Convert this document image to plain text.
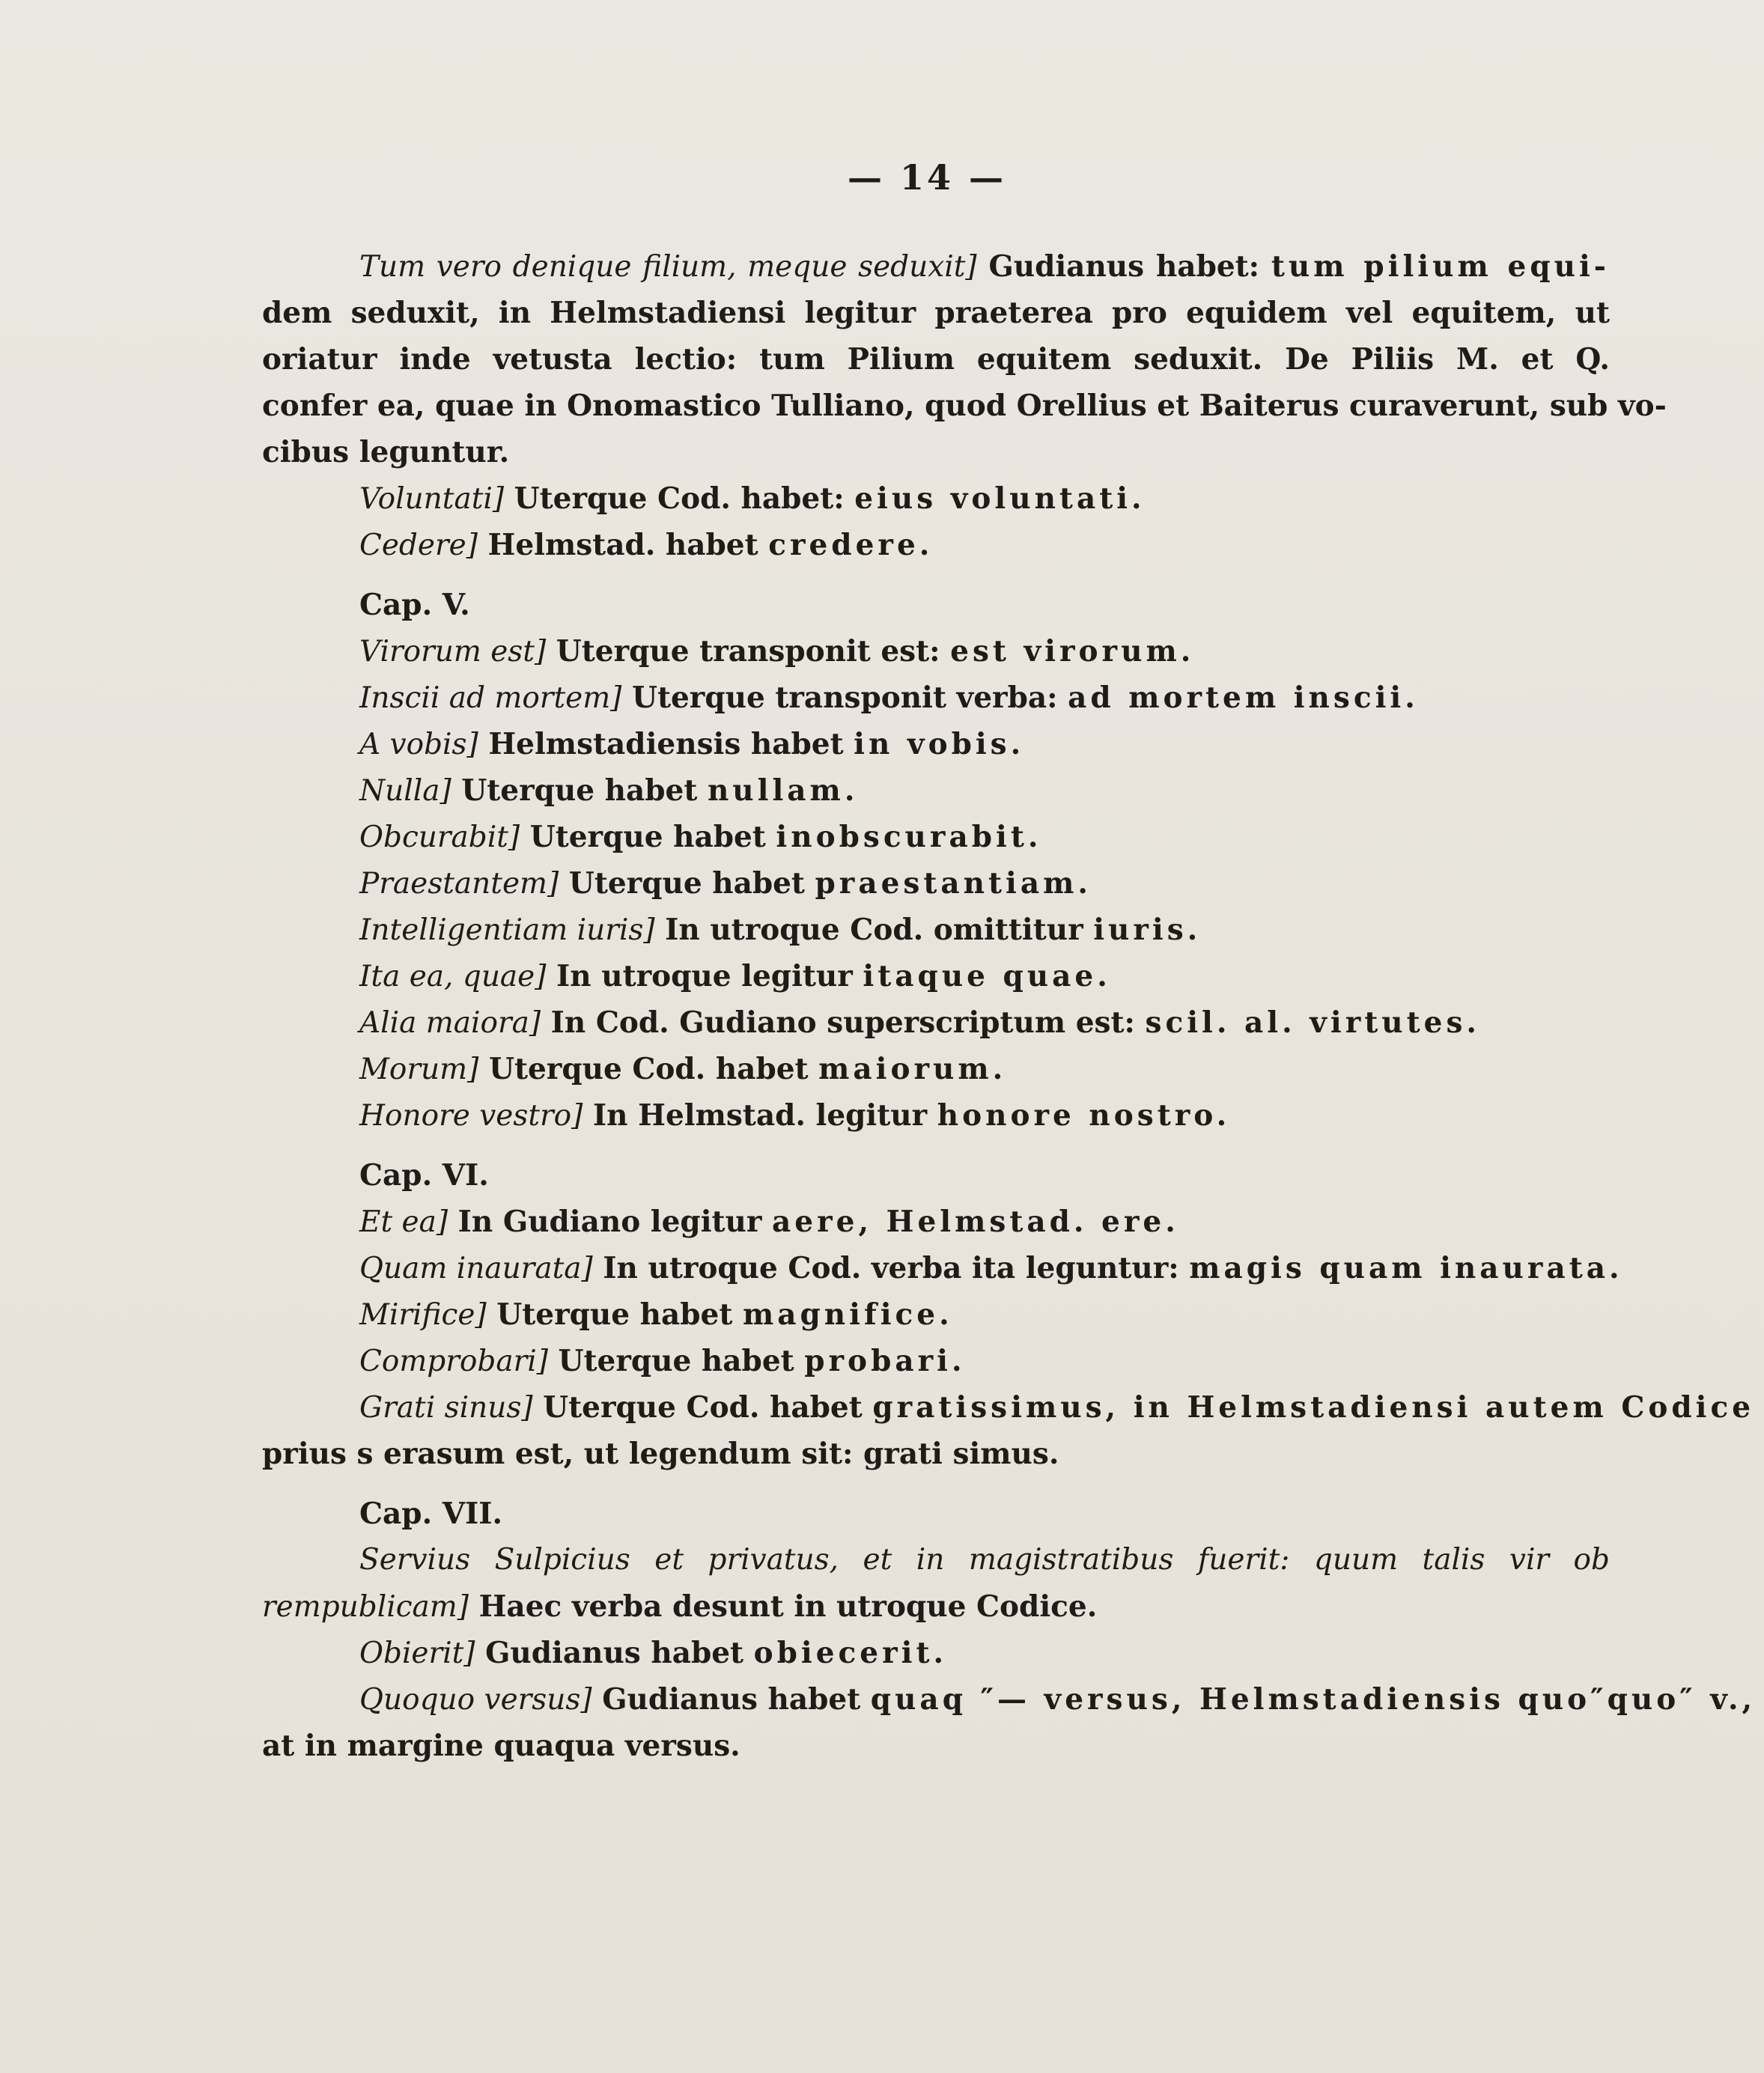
— 14 —
Tum vero denique filium, meque seduxit] Gudianus habet: tum pilium equi-
dem seduxit, in Helmstadiensi legitur praeterea pro equidem vel equitem, ut
oriatur inde vetusta lectio: tum Pilium equitem seduxit. De Piliis M. et Q.
confer ea, quae in Onomastico Tulliano, quod Orellius et Baiterus curaverunt, sub vo-
cibus leguntur.
Voluntati] Uterque Cod. habet: eius voluntati.
Cedere] Helmstad. habet credere.
Cap. V.
Virorum est] Uterque transponit est: est virorum.
Inscii ad mortem] Uterque transponit verba: ad mortem inscii.
A vobis] Helmstadiensis habet in vobis.
Nulla] Uterque habet nullam.
Obcurabit] Uterque habet inobscurabit.
Praestantem] Uterque habet praestantiam.
Intelligentiam iuris] In utroque Cod. omittitur iuris.
Ita ea, quae] In utroque legitur itaque quae.
Alia maiora] In Cod. Gudiano superscriptum est: scil. al. virtutes.
Morum] Uterque Cod. habet maiorum.
Honore vestro] In Helmstad. legitur honore nostro.
Cap. VI.
Et ea] In Gudiano legitur aere, Helmstad. ere.
Quam inaurata] In utroque Cod. verba ita leguntur: magis quam inaurata.
Mirifice] Uterque habet magnifice.
Comprobari] Uterque habet probari.
Grati sinus] Uterque Cod. habet gratissimus, in Helmstadiensi autem Codice
prius s erasum est, ut legendum sit: grati simus.
Cap. VII.
Servius Sulpicius et privatus, et in magistratibus fuerit: quum talis vir ob
rempublicam] Haec verba desunt in utroque Codice.
Obierit] Gudianus habet obiecerit.
Quoquo versus] Gudianus habet quaq ″— versus, Helmstadiensis quo″quo″ v.,
at in margine quaqua versus.
